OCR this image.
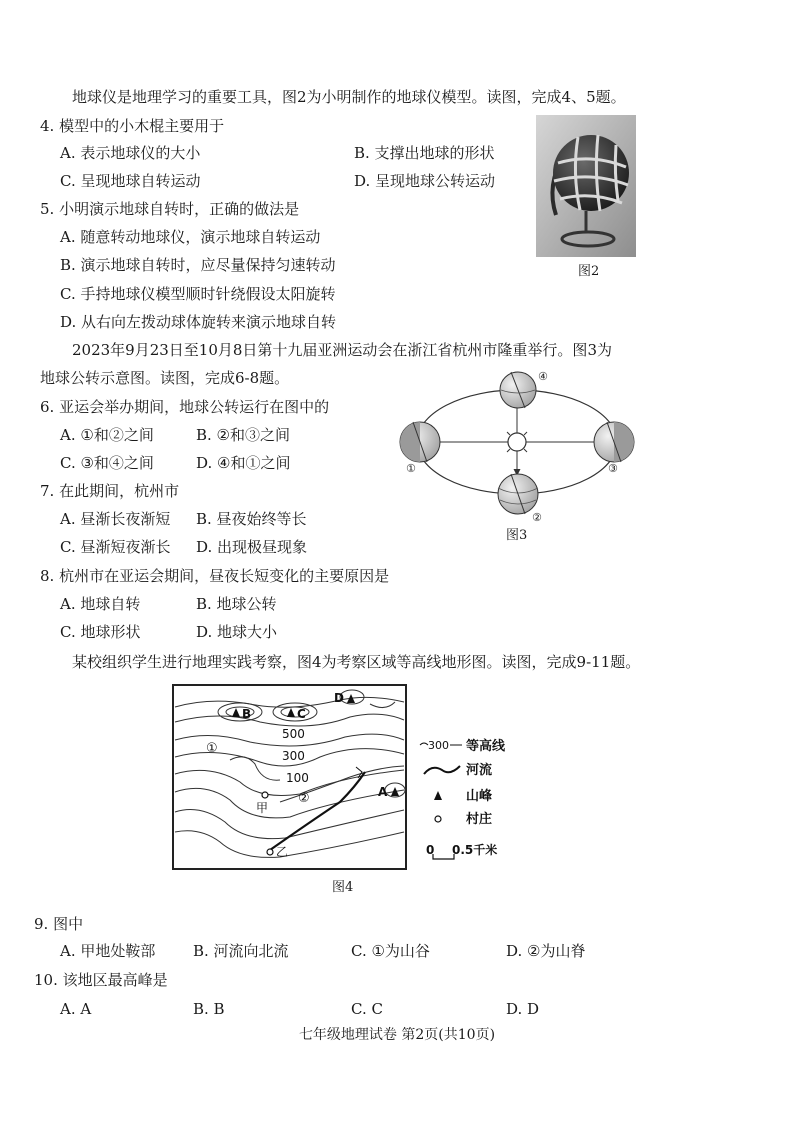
地球仪是地理学习的重要工具，图2为小明制作的地球仪模型。读图，完成4、5题。
4. 模型中的小木棍主要用于
A. 表示地球仪的大小	B. 支撑出地球的形状
C. 呈现地球自转运动	D. 呈现地球公转运动
5. 小明演示地球自转时，正确的做法是
A. 随意转动地球仪，演示地球自转运动
B. 演示地球自转时，应尽量保持匀速转动
C. 手持地球仪模型顺时针绕假设太阳旋转
D. 从右向左拨动球体旋转来演示地球自转
图2
2023年9月23日至10月8日第十九届亚洲运动会在浙江省杭州市隆重举行。图3为
地球公转示意图。读图，完成6-8题。
6. 亚运会举办期间，地球公转运行在图中的
A. ①和②之间	B. ②和③之间
C. ③和④之间	D. ④和①之间
7. 在此期间，杭州市
A. 昼渐长夜渐短 B. 昼夜始终等长
C. 昼渐短夜渐长 D. 出现极昼现象
④
①	③
②
图3
8. 杭州市在亚运会期间，昼夜长短变化的主要原因是
A. 地球自转	B. 地球公转
C. 地球形状	D. 地球大小
某校组织学生进行地理实践考察，图4为考察区域等高线地形图。读图，完成9-11题。
B	C
D
A
500
300
100
①
②
甲
乙
300 等高线
河流
山峰
村庄
0 0.5千米
图4
9. 图中
A. 甲地处鞍部	B. 河流向北流	C. ①为山谷	D. ②为山脊
10. 该地区最高峰是
A. A	B. B	C. C	D. D
七年级地理试卷 第2页(共10页)
